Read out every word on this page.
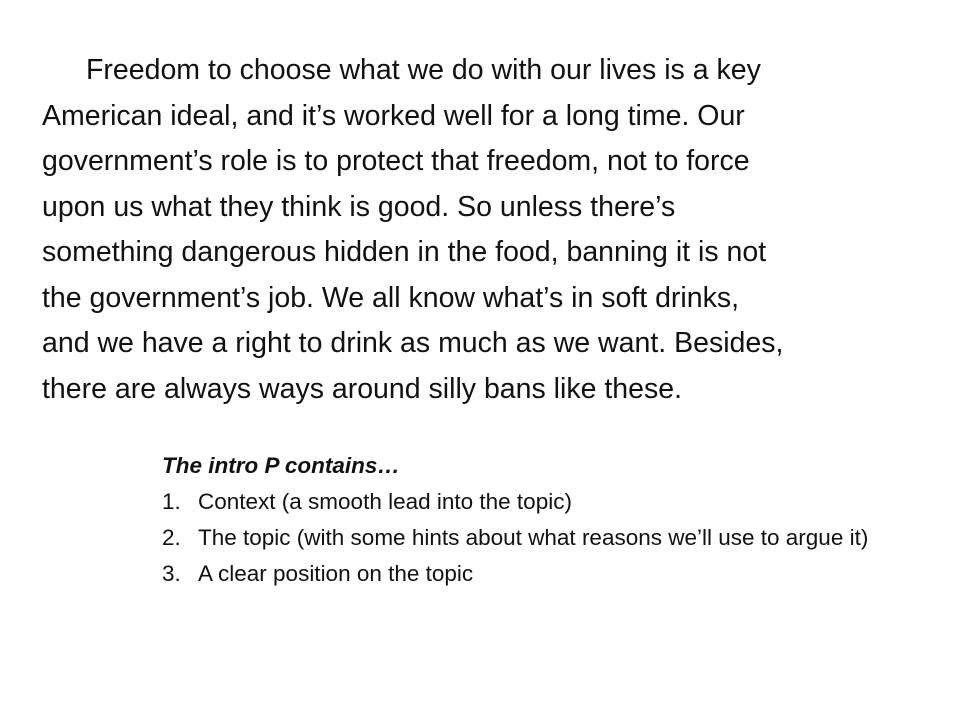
Freedom to choose what we do with our lives is a key
American ideal, and it’s worked well for a long time. Our
government’s role is to protect that freedom, not to force
upon us what they think is good. So unless there’s
something dangerous hidden in the food, banning it is not
the government’s job. We all know what’s in soft drinks,
and we have a right to drink as much as we want. Besides,
there are always ways around silly bans like these.
The intro P contains…
1. Context (a smooth lead into the topic)
2. The topic (with some hints about what reasons we’ll use to argue it)
3. A clear position on the topic
